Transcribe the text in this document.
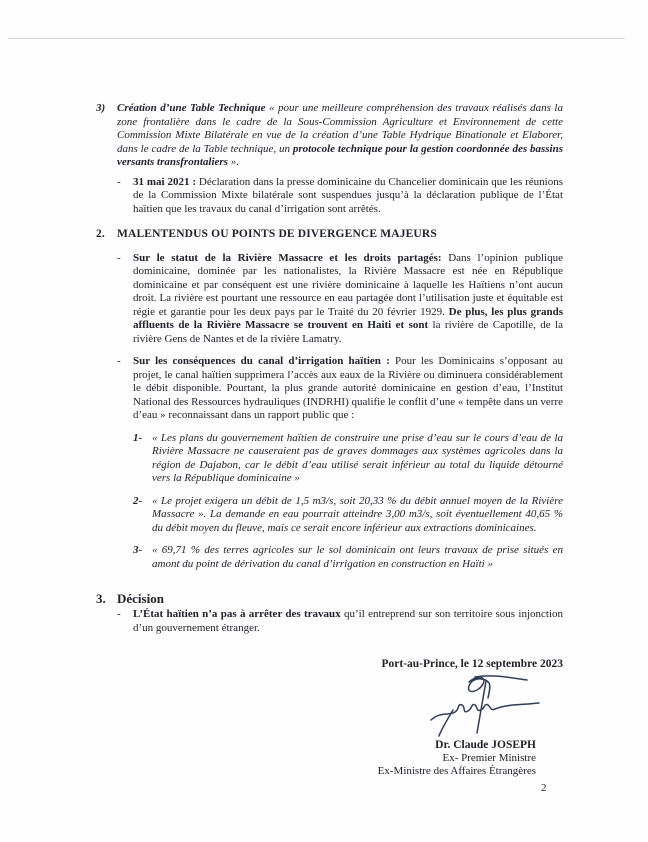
3)	Création d’une Table Technique « pour une meilleure compréhension des travaux réalisés dans la zone frontalière dans le cadre de la Sous-Commission Agriculture et Environnement de cette Commission Mixte Bilatérale en vue de la création d’une Table Hydrique Binationale et Elaborer, dans le cadre de la Table technique, un protocole technique pour la gestion coordonnée des bassins versants transfrontaliers ».
-	31 mai 2021 : Déclaration dans la presse dominicaine du Chancelier dominicain que les réunions de la Commission Mixte bilatérale sont suspendues jusqu’à la déclaration publique de l’État haïtien que les travaux du canal d’irrigation sont arrêtés.
2.	MALENTENDUS OU POINTS DE DIVERGENCE MAJEURS
-	Sur le statut de la Rivière Massacre et les droits partagés: Dans l’opinion publique dominicaine, dominée par les nationalistes, la Rivière Massacre est née en République dominicaine et par conséquent est une rivière dominicaine à laquelle les Haïtiens n’ont aucun droit. La rivière est pourtant une ressource en eau partagée dont l’utilisation juste et équitable est régie et garantie pour les deux pays par le Traité du 20 février 1929. De plus, les plus grands affluents de la Rivière Massacre se trouvent en Haiti et sont la rivière de Capotille, de la rivière Gens de Nantes et de la rivière Lamatry.
-	Sur les conséquences du canal d’irrigation haïtien : Pour les Dominicains s’opposant au projet, le canal haïtien supprimera l’accès aux eaux de la Rivière ou diminuera considérablement le débit disponible. Pourtant, la plus grande autorité dominicaine en gestion d’eau, l’Institut National des Ressources hydrauliques (INDRHI) qualifie le conflit d’une « tempête dans un verre d’eau » reconnaissant dans un rapport public que :
1- « Les plans du gouvernement haïtien de construire une prise d’eau sur le cours d’eau de la Rivière Massacre ne causeraient pas de graves dommages aux systèmes agricoles dans la région de Dajabon, car le débit d’eau utilisé serait inférieur au total du liquide détourné vers la République dominicaine »
2- « Le projet exigera un débit de 1,5 m3/s, soit 20,33 % du débit annuel moyen de la Rivière Massacre ». La demande en eau pourrait atteindre 3,00 m3/s, soit éventuellement 40,65 % du débit moyen du fleuve, mais ce serait encore inférieur aux extractions dominicaines.
3- « 69,71 % des terres agricoles sur le sol dominicain ont leurs travaux de prise situés en amont du point de dérivation du canal d’irrigation en construction en Haïti »
3. Décision
-	L’État haïtien n’a pas à arrêter des travaux qu’il entreprend sur son territoire sous injonction d’un gouvernement étranger.
Port-au-Prince, le 12 septembre 2023
Dr. Claude JOSEPH
Ex- Premier Ministre
Ex-Ministre des Affaires Étrangères
2
